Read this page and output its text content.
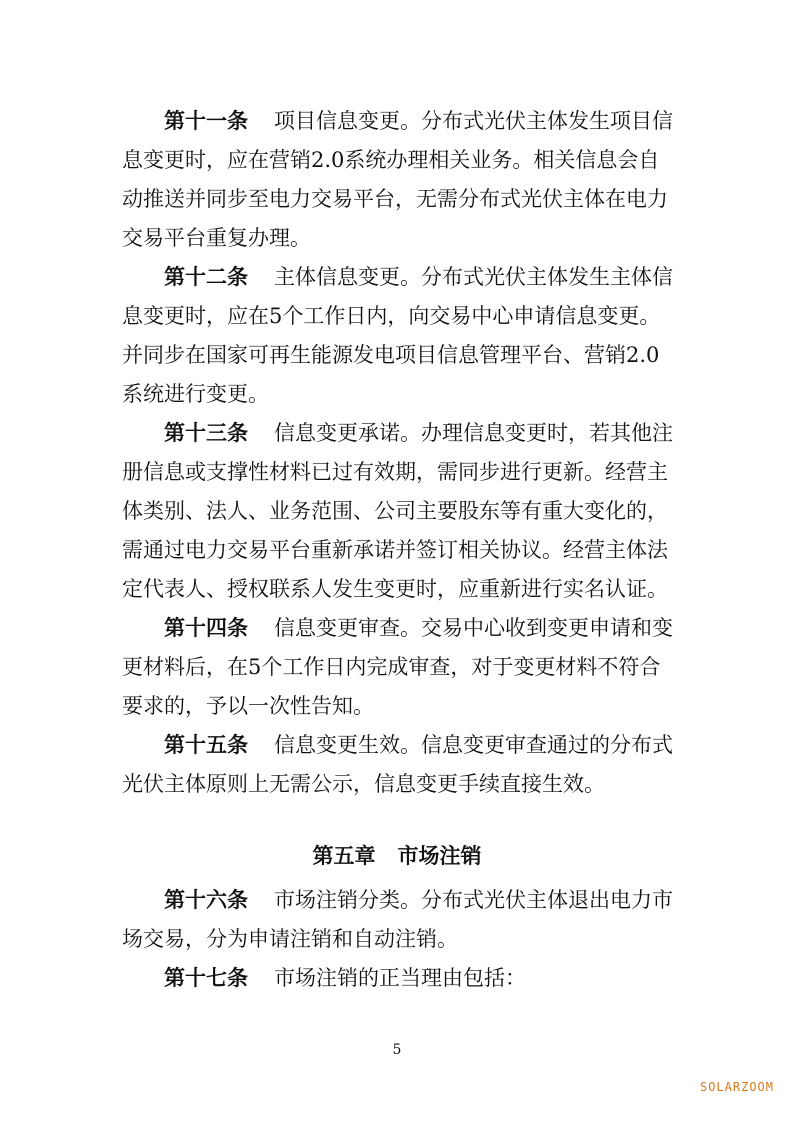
第十一条 项目信息变更。分布式光伏主体发生项目信
息变更时，应在营销2.0系统办理相关业务。相关信息会自
动推送并同步至电力交易平台，无需分布式光伏主体在电力
交易平台重复办理。
第十二条 主体信息变更。分布式光伏主体发生主体信
息变更时，应在5个工作日内，向交易中心申请信息变更。
并同步在国家可再生能源发电项目信息管理平台、营销2.0
系统进行变更。
第十三条 信息变更承诺。办理信息变更时，若其他注
册信息或支撑性材料已过有效期，需同步进行更新。经营主
体类别、法人、业务范围、公司主要股东等有重大变化的，
需通过电力交易平台重新承诺并签订相关协议。经营主体法
定代表人、授权联系人发生变更时，应重新进行实名认证。
第十四条 信息变更审查。交易中心收到变更申请和变
更材料后，在5个工作日内完成审查，对于变更材料不符合
要求的，予以一次性告知。
第十五条 信息变更生效。信息变更审查通过的分布式
光伏主体原则上无需公示，信息变更手续直接生效。
第五章 市场注销
第十六条 市场注销分类。分布式光伏主体退出电力市
场交易，分为申请注销和自动注销。
第十七条 市场注销的正当理由包括：
5
SOLARZOOM
